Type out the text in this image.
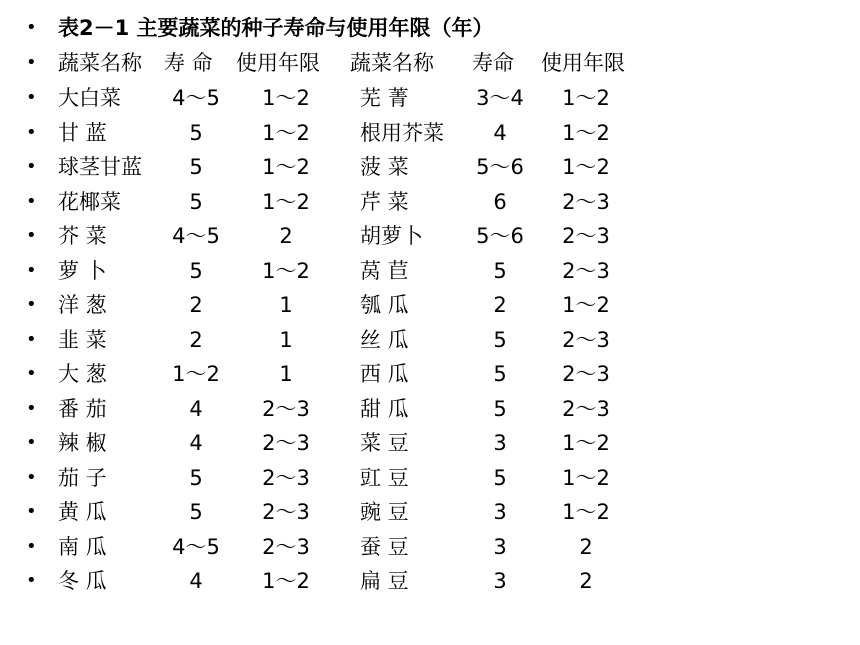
• 表2－1 主要蔬菜的种子寿命与使用年限（年）
• 蔬菜名称 寿 命 使用年限 蔬菜名称 寿命 使用年限
• 大白菜 4～5 1～2 芜 菁	3～4 1～2
• 甘 蓝	5	1～2 根用芥菜 4	1～2
• 球茎甘蓝 5	1～2 菠 菜	5～6 1～2
• 花椰菜	5	1～2 芹 菜	6	2～3
• 芥 菜	4～5	2	胡萝卜	5～6 2～3
• 萝 卜	5	1～2 莴 苣	5	2～3
• 洋 葱	2	1	瓠 瓜	2	1～2
• 韭 菜	2	1	丝 瓜	5	2～3
• 大 葱	1～2	1	西 瓜	5	2～3
• 番 茄	4	2～3 甜 瓜	5	2～3
• 辣 椒	4	2～3 菜 豆	3	1～2
• 茄 子	5	2～3 豇 豆	5	1～2
• 黄 瓜	5	2～3 豌 豆	3	1～2
• 南 瓜	4～5 2～3 蚕 豆	3	2
• 冬 瓜	4	1～2 扁 豆	3	2
